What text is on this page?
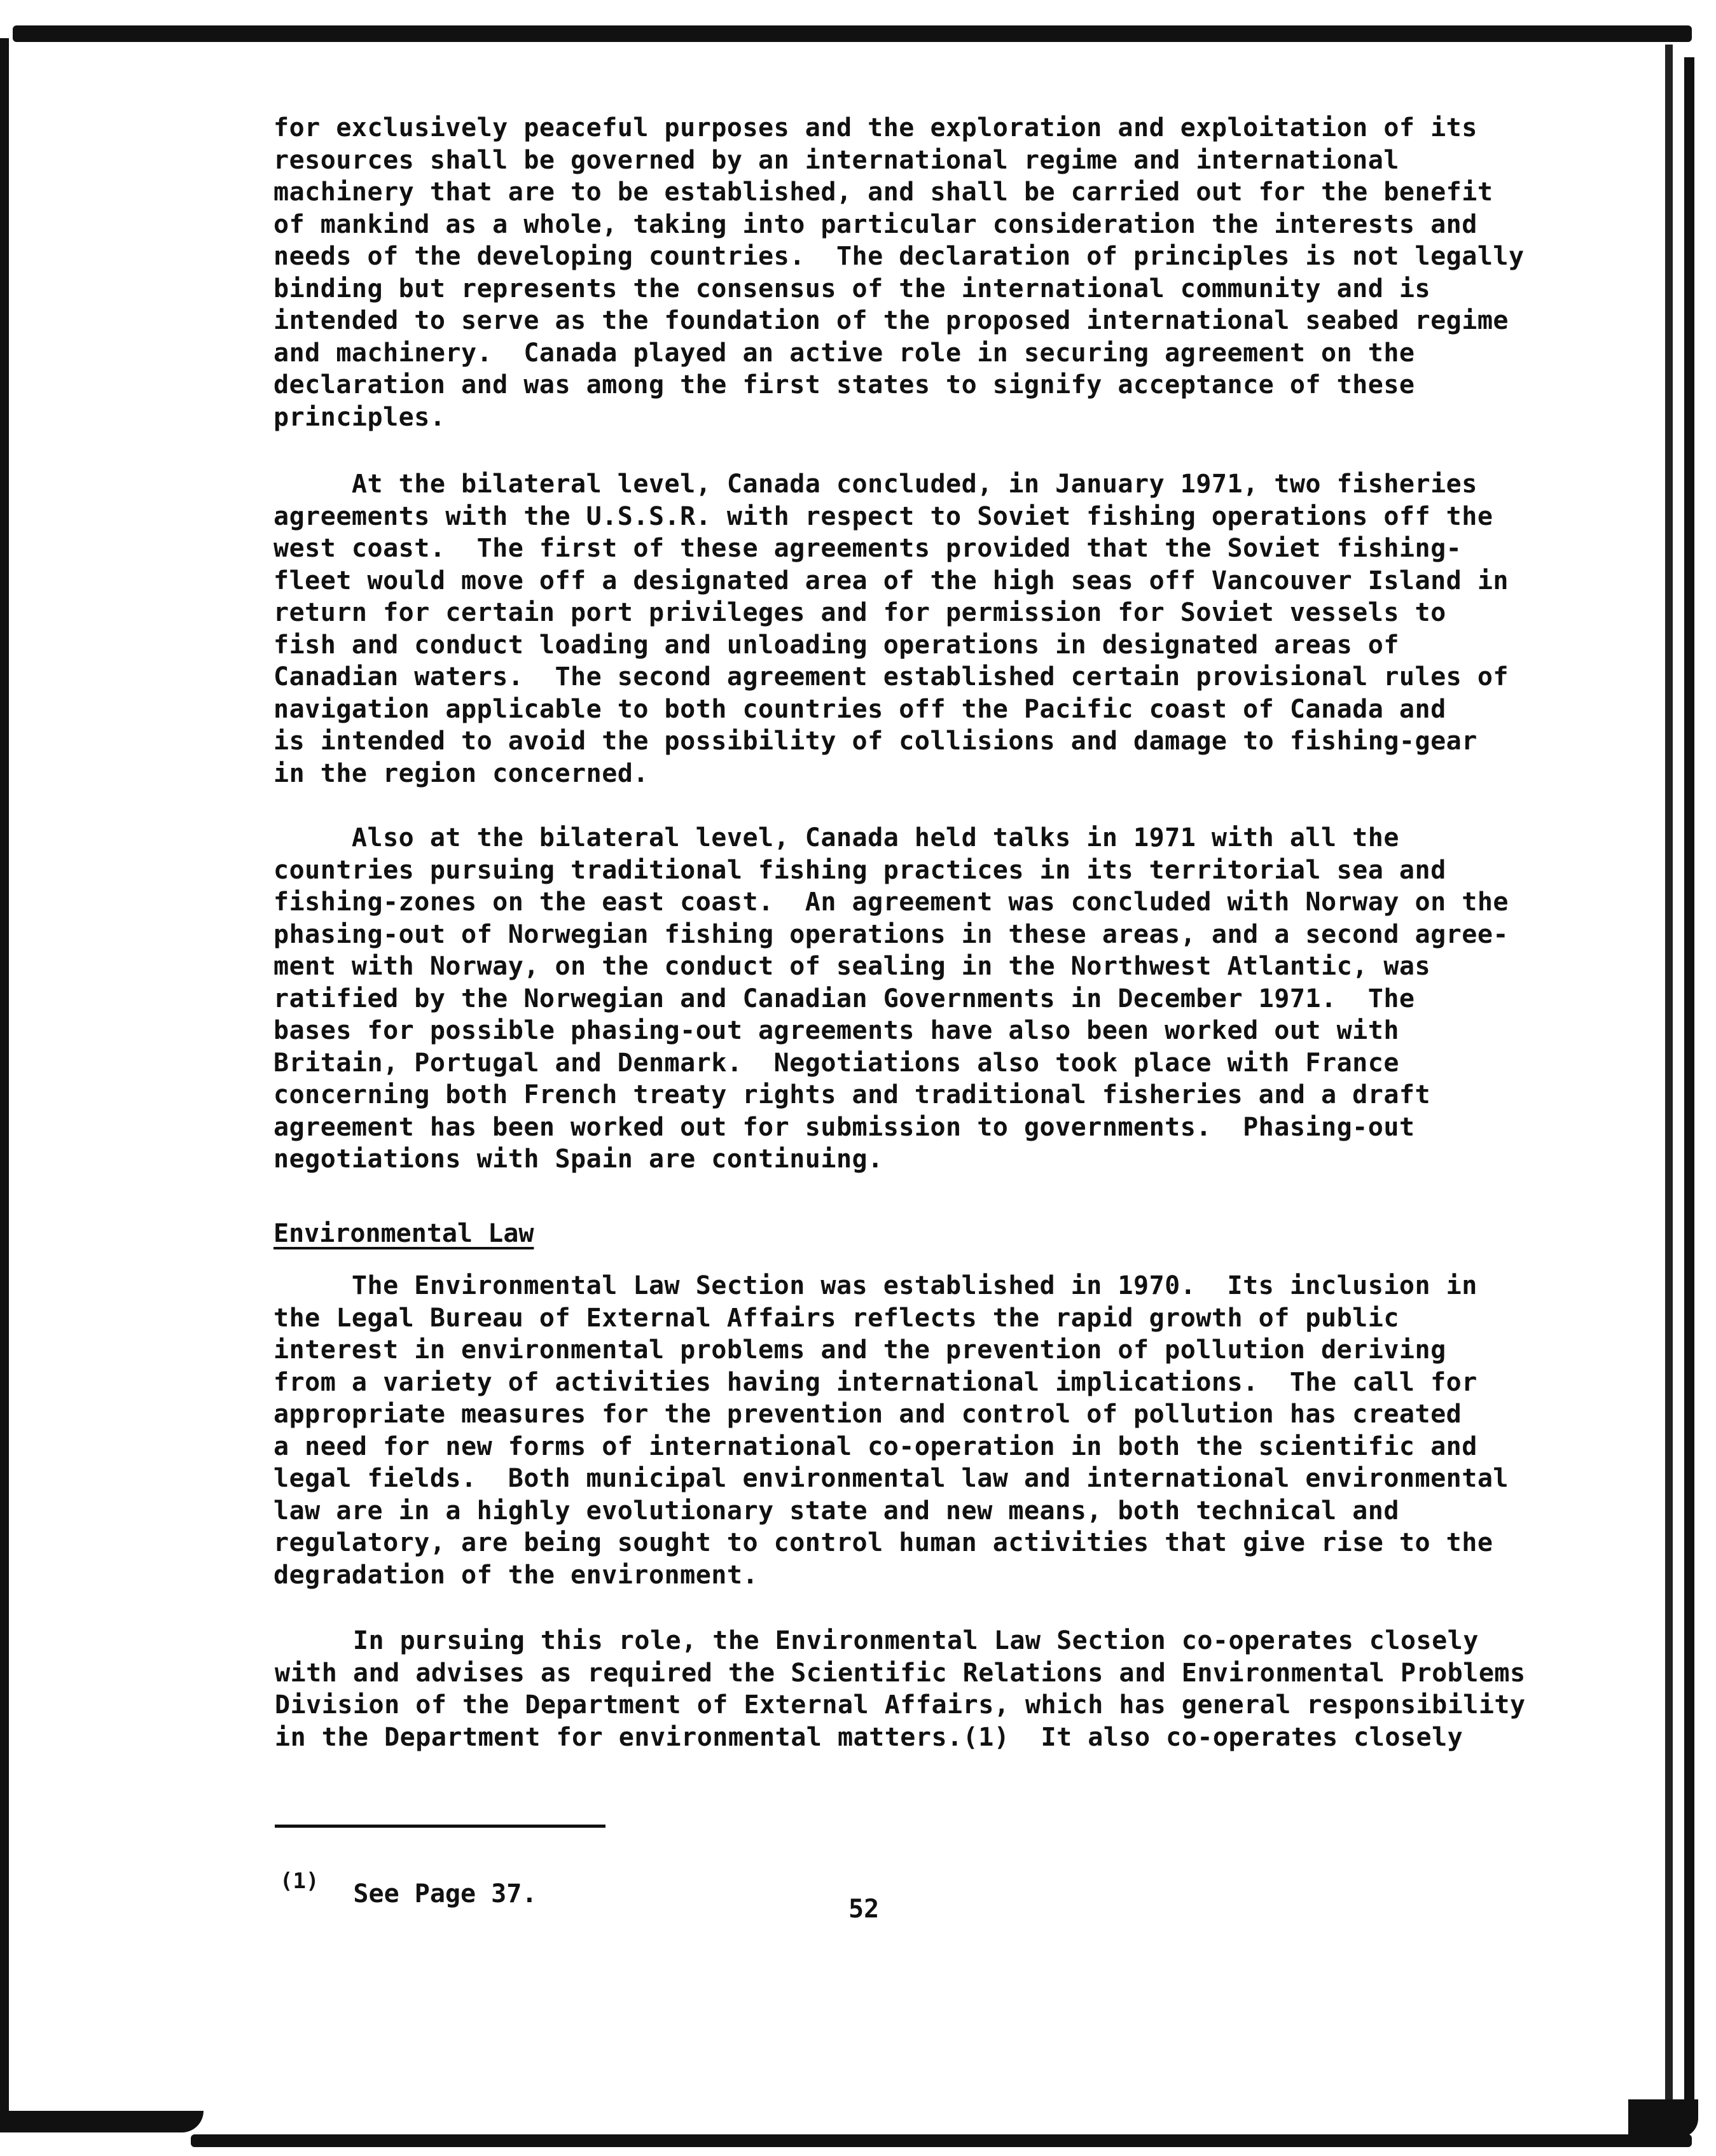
for exclusively peaceful purposes and the exploration and exploitation of its
resources shall be governed by an international regime and international
machinery that are to be established, and shall be carried out for the benefit
of mankind as a whole, taking into particular consideration the interests and
needs of the developing countries.  The declaration of principles is not legally
binding but represents the consensus of the international community and is
intended to serve as the foundation of the proposed international seabed regime
and machinery.  Canada played an active role in securing agreement on the
declaration and was among the first states to signify acceptance of these
principles.

At the bilateral level, Canada concluded, in January 1971, two fisheries
agreements with the U.S.S.R. with respect to Soviet fishing operations off the
west coast.  The first of these agreements provided that the Soviet fishing-
fleet would move off a designated area of the high seas off Vancouver Island in
return for certain port privileges and for permission for Soviet vessels to
fish and conduct loading and unloading operations in designated areas of
Canadian waters.  The second agreement established certain provisional rules of
navigation applicable to both countries off the Pacific coast of Canada and
is intended to avoid the possibility of collisions and damage to fishing-gear
in the region concerned.

Also at the bilateral level, Canada held talks in 1971 with all the
countries pursuing traditional fishing practices in its territorial sea and
fishing-zones on the east coast.  An agreement was concluded with Norway on the
phasing-out of Norwegian fishing operations in these areas, and a second agree-
ment with Norway, on the conduct of sealing in the Northwest Atlantic, was
ratified by the Norwegian and Canadian Governments in December 1971.  The
bases for possible phasing-out agreements have also been worked out with
Britain, Portugal and Denmark.  Negotiations also took place with France
concerning both French treaty rights and traditional fisheries and a draft
agreement has been worked out for submission to governments.  Phasing-out
negotiations with Spain are continuing.

Environmental Law

The Environmental Law Section was established in 1970.  Its inclusion in
the Legal Bureau of External Affairs reflects the rapid growth of public
interest in environmental problems and the prevention of pollution deriving
from a variety of activities having international implications.  The call for
appropriate measures for the prevention and control of pollution has created
a need for new forms of international co-operation in both the scientific and
legal fields.  Both municipal environmental law and international environmental
law are in a highly evolutionary state and new means, both technical and
regulatory, are being sought to control human activities that give rise to the
degradation of the environment.

In pursuing this role, the Environmental Law Section co-operates closely
with and advises as required the Scientific Relations and Environmental Problems
Division of the Department of External Affairs, which has general responsibility
in the Department for environmental matters.(1)  It also co-operates closely

$^{(1)}$ See Page 37.
52
